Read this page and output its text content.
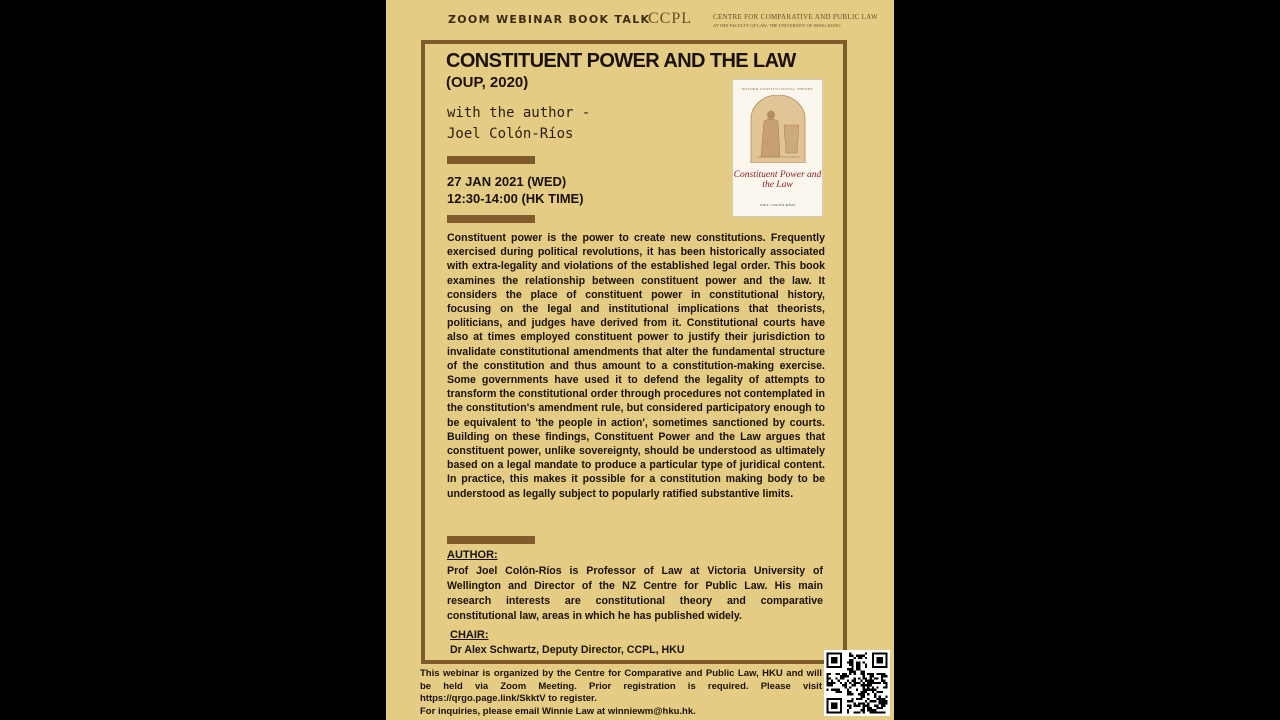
ZOOM WEBINAR BOOK TALK
CCPL	CENTRE FOR COMPARATIVE AND PUBLIC LAW
AT THE FACULTY OF LAW, THE UNIVERSITY OF HONG KONG
CONSTITUENT POWER AND THE LAW
(OUP, 2020)
with the author -
Joel Colón-Ríos
27 JAN 2021 (WED)
12:30-14:00 (HK TIME)
OXFORD CONSTITUTIONAL THEORY
Constituent Power and the Law
JOEL COLÓN-RÍOS
Constituent power is the power to create new constitutions. Frequently exercised during political revolutions, it has been historically associated with extra-legality and violations of the established legal order. This book examines the relationship between constituent power and the law. It considers the place of constituent power in constitutional history, focusing on the legal and institutional implications that theorists, politicians, and judges have derived from it. Constitutional courts have also at times employed constituent power to justify their jurisdiction to invalidate constitutional amendments that alter the fundamental structure of the constitution and thus amount to a constitution-making exercise. Some governments have used it to defend the legality of attempts to transform the constitutional order through procedures not contemplated in the constitution's amendment rule, but considered participatory enough to be equivalent to 'the people in action', sometimes sanctioned by courts. Building on these findings, Constituent Power and the Law argues that constituent power, unlike sovereignty, should be understood as ultimately based on a legal mandate to produce a particular type of juridical content. In practice, this makes it possible for a constitution making body to be understood as legally subject to popularly ratified substantive limits.
AUTHOR:
Prof Joel Colón-Ríos is Professor of Law at Victoria University of Wellington and Director of the NZ Centre for Public Law. His main research interests are constitutional theory and comparative constitutional law, areas in which he has published widely.
CHAIR:
Dr Alex Schwartz, Deputy Director, CCPL, HKU
This webinar is organized by the Centre for Comparative and Public Law, HKU and will be held via Zoom Meeting. Prior registration is required. Please visit https://qrgo.page.link/SkktV to register.
For inquiries, please email Winnie Law at winniewm@hku.hk.
